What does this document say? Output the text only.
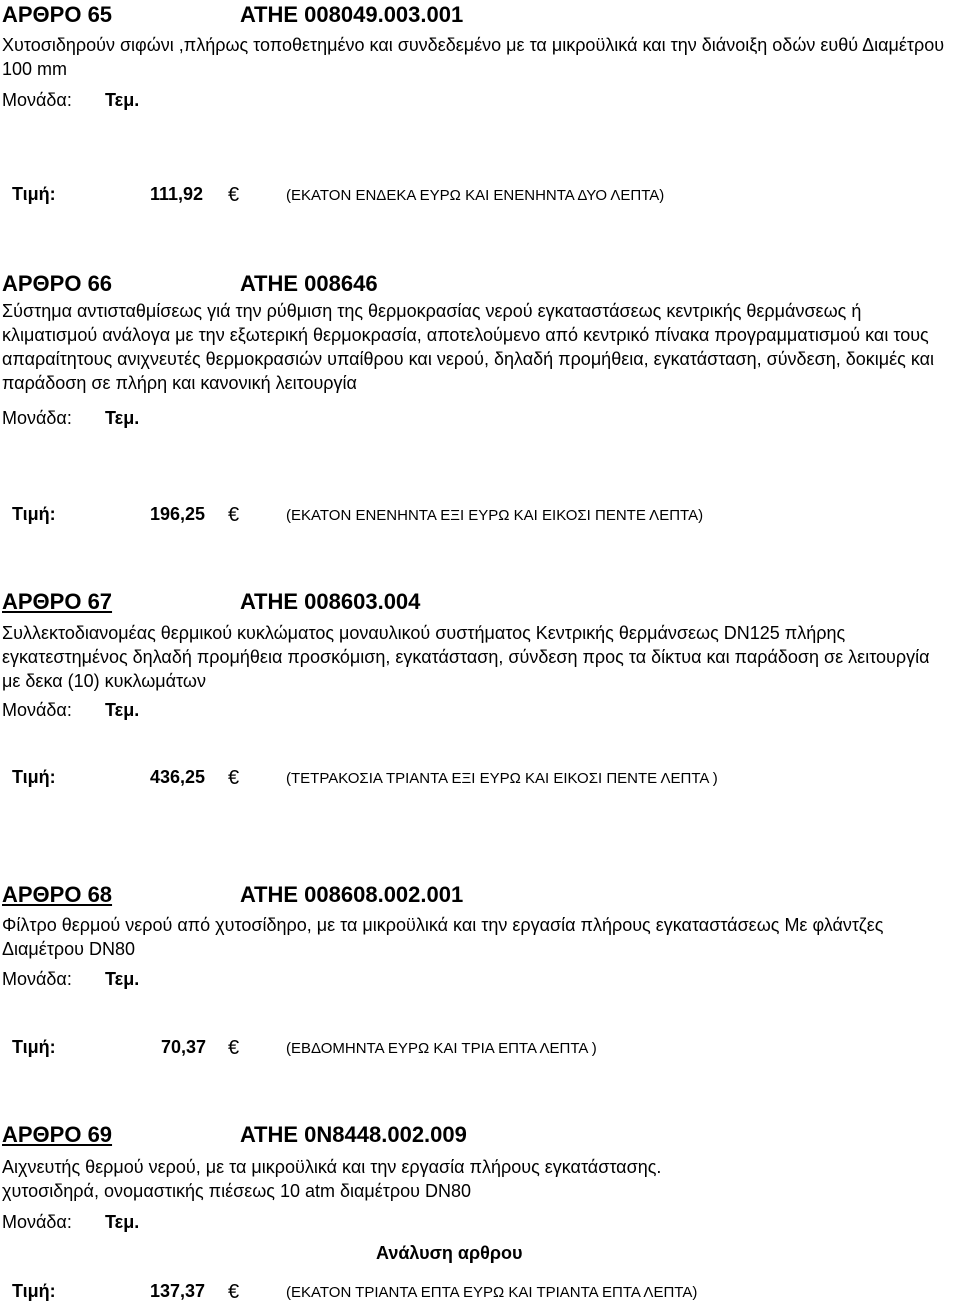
ΑΡΘΡΟ 65	ΑΤΗΕ 008049.003.001
Χυτοσιδηρούν σιφώνι ,πλήρως τοποθετημένο και συνδεδεμένο με τα μικροϋλικά και την διάνοιξη οδών ευθύ Διαμέτρου 100 mm
Μονάδα: Τεμ.
Τιμή:	111,92 €	(ΕΚΑΤΟΝ ΕΝΔΕΚΑ ΕΥΡΩ ΚΑΙ ΕΝΕΝΗΝΤΑ ΔΥΟ ΛΕΠΤΑ)
ΑΡΘΡΟ 66	ΑΤΗΕ 008646
Σύστημα αντισταθμίσεως γιά την ρύθμιση της θερμοκρασίας νερού εγκαταστάσεως κεντρικής θερμάνσεως ή κλιματισμού ανάλογα με την εξωτερική θερμοκρασία, αποτελούμενο από κεντρικό πίνακα προγραμματισμού και τους απαραίτητους ανιχνευτές θερμοκρασιών υπαίθρου και νερού, δηλαδή προμήθεια, εγκατάσταση, σύνδεση, δοκιμές και παράδοση σε πλήρη και κανονική λειτουργία
Μονάδα: Τεμ.
Τιμή:	196,25 €	(ΕΚΑΤΟΝ ΕΝΕΝΗΝΤΑ ΕΞΙ ΕΥΡΩ ΚΑΙ ΕΙΚΟΣΙ ΠΕΝΤΕ ΛΕΠΤΑ)
ΑΡΘΡΟ 67	ΑΤΗΕ 008603.004
Συλλεκτοδιανομέας θερμικού κυκλώματος μοναυλικού συστήματος Κεντρικής θερμάνσεως DN125 πλήρης εγκατεστημένος δηλαδή προμήθεια προσκόμιση, εγκατάσταση, σύνδεση προς τα δίκτυα και παράδοση σε λειτουργία με δεκα (10) κυκλωμάτων
Μονάδα: Τεμ.
Τιμή:	436,25 €	(ΤΕΤΡΑΚΟΣΙΑ ΤΡΙΑΝΤΑ ΕΞΙ ΕΥΡΩ ΚΑΙ ΕΙΚΟΣΙ ΠΕΝΤΕ ΛΕΠΤΑ )
ΑΡΘΡΟ 68	ΑΤΗΕ 008608.002.001
Φίλτρο θερμού νερού από χυτοσίδηρο, με τα μικροϋλικά και την εργασία πλήρους εγκαταστάσεως Με φλάντζες Διαμέτρου DN80
Μονάδα: Τεμ.
Τιμή:	70,37 €	(ΕΒΔΟΜΗΝΤΑ ΕΥΡΩ ΚΑΙ ΤΡΙΑ ΕΠΤΑ ΛΕΠΤΑ )
ΑΡΘΡΟ 69	ΑΤΗΕ 0Ν8448.002.009
Αιχνευτής θερμού νερού, με τα μικροϋλικά και την εργασία πλήρους εγκατάστασης.
χυτοσιδηρά, ονομαστικής πιέσεως 10 atm διαμέτρου DN80
Μονάδα: Τεμ.
Ανάλυση αρθρου
Τιμή:	137,37 €	(ΕΚΑΤΟΝ ΤΡΙΑΝΤΑ ΕΠΤΑ ΕΥΡΩ ΚΑΙ ΤΡΙΑΝΤΑ ΕΠΤΑ ΛΕΠΤΑ)
